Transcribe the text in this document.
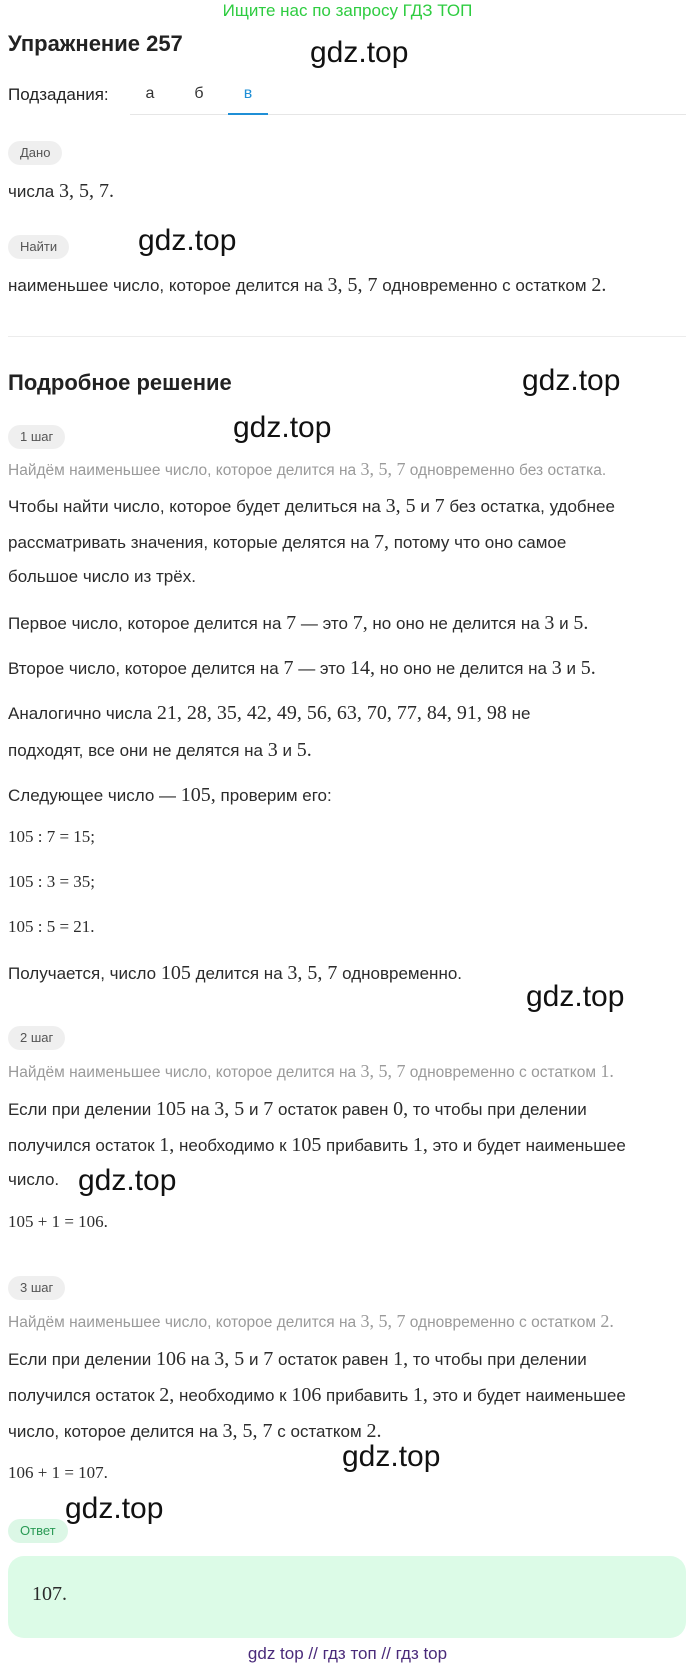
Ищите нас по запросу ГДЗ ТОП
Упражнение 257	gdz.top
gdz.top
gdz.top
gdz.top
gdz.top
gdz.top
gdz.top
gdz.top
Подзадания:	а	б	в
Дано
числа 3, 5, 7.
Найти
наименьшее число, которое делится на 3, 5, 7 одновременно с остатком 2.
Подробное решение
1 шаг
Найдём наименьшее число, которое делится на 3, 5, 7 одновременно без остатка.
Чтобы найти число, которое будет делиться на 3, 5 и 7 без остатка, удобнее
рассматривать значения, которые делятся на 7, потому что оно самое
большое число из трёх.
Первое число, которое делится на 7 — это 7, но оно не делится на 3 и 5.
Второе число, которое делится на 7 — это 14, но оно не делится на 3 и 5.
Аналогично числа 21, 28, 35, 42, 49, 56, 63, 70, 77, 84, 91, 98 не
подходят, все они не делятся на 3 и 5.
Следующее число — 105, проверим его:
105 : 7 = 15;
105 : 3 = 35;
105 : 5 = 21.
Получается, число 105 делится на 3, 5, 7 одновременно.
2 шаг
Найдём наименьшее число, которое делится на 3, 5, 7 одновременно с остатком 1.
Если при делении 105 на 3, 5 и 7 остаток равен 0, то чтобы при делении
получился остаток 1, необходимо к 105 прибавить 1, это и будет наименьшее
число.
105 + 1 = 106.
3 шаг
Найдём наименьшее число, которое делится на 3, 5, 7 одновременно с остатком 2.
Если при делении 106 на 3, 5 и 7 остаток равен 1, то чтобы при делении
получился остаток 2, необходимо к 106 прибавить 1, это и будет наименьшее
число, которое делится на 3, 5, 7 с остатком 2.
106 + 1 = 107.
Ответ
107.
gdz top // гдз топ // гдз top
